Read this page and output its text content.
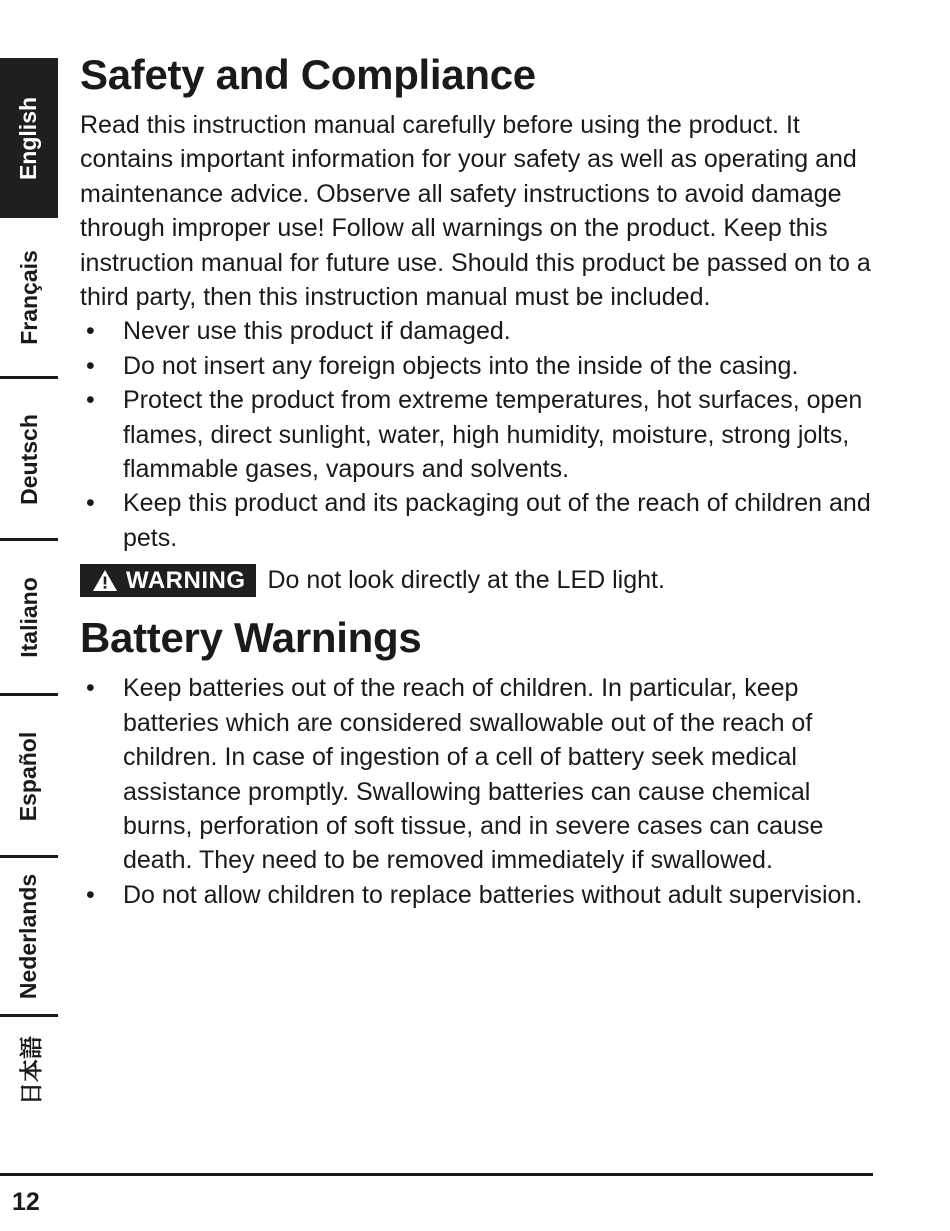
English
Français
Deutsch
Italiano
Español
Nederlands
日本語
Safety and Compliance

Read this instruction manual carefully before using the product. It contains important information for your safety as well as operating and maintenance advice. Observe all safety instructions to avoid damage through improper use! Follow all warnings on the product. Keep this instruction manual for future use. Should this product be passed on to a third party, then this instruction manual must be included.

• Never use this product if damaged.
• Do not insert any foreign objects into the inside of the casing.
• Protect the product from extreme temperatures, hot surfaces, open flames, direct sunlight, water, high humidity, moisture, strong jolts, flammable gases, vapours and solvents.
• Keep this product and its packaging out of the reach of children and pets.
WARNING Do not look directly at the LED light.
Battery Warnings
• Keep batteries out of the reach of children. In particular, keep batteries which are considered swallowable out of the reach of children. In case of ingestion of a cell of battery seek medical assistance promptly. Swallowing batteries can cause chemical burns, perforation of soft tissue, and in severe cases can cause death. They need to be removed immediately if swallowed.
• Do not allow children to replace batteries without adult supervision.
12
